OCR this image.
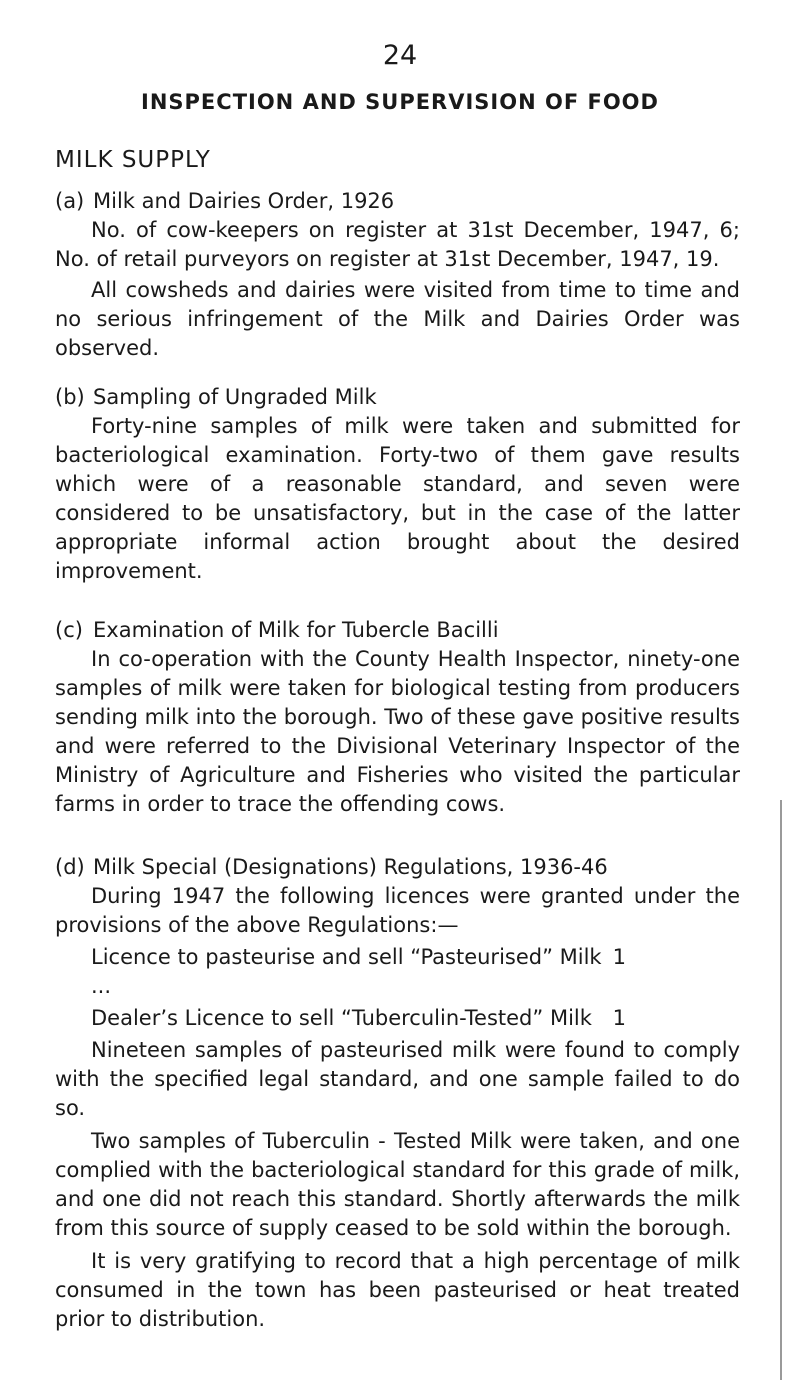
24
INSPECTION AND SUPERVISION OF FOOD
MILK SUPPLY

(a) Milk and Dairies Order, 1926

No. of cow-keepers on register at 31st December, 1947, 6; No. of retail purveyors on register at 31st December, 1947, 19.

All cowsheds and dairies were visited from time to time and no serious infringement of the Milk and Dairies Order was observed.

(b) Sampling of Ungraded Milk

Forty-nine samples of milk were taken and submitted for bacteriological examination. Forty-two of them gave results which were of a reasonable standard, and seven were considered to be unsatisfactory, but in the case of the latter appropriate informal action brought about the desired improvement.

(c) Examination of Milk for Tubercle Bacilli

In co-operation with the County Health Inspector, ninety-one samples of milk were taken for biological testing from producers sending milk into the borough. Two of these gave positive results and were referred to the Divisional Veterinary Inspector of the Ministry of Agriculture and Fisheries who visited the particular farms in order to trace the offending cows.

(d) Milk Special (Designations) Regulations, 1936-46

During 1947 the following licences were granted under the provisions of the above Regulations:—

Licence to pasteurise and sell “Pasteurised” Milk ...
1
Dealer’s Licence to sell “Tuberculin-Tested” Milk 1

Nineteen samples of pasteurised milk were found to comply with the specified legal standard, and one sample failed to do so.

Two samples of Tuberculin - Tested Milk were taken, and one complied with the bacteriological standard for this grade of milk, and one did not reach this standard. Shortly afterwards the milk from this source of supply ceased to be sold within the borough.

It is very gratifying to record that a high percentage of milk consumed in the town has been pasteurised or heat treated prior to distribution.
